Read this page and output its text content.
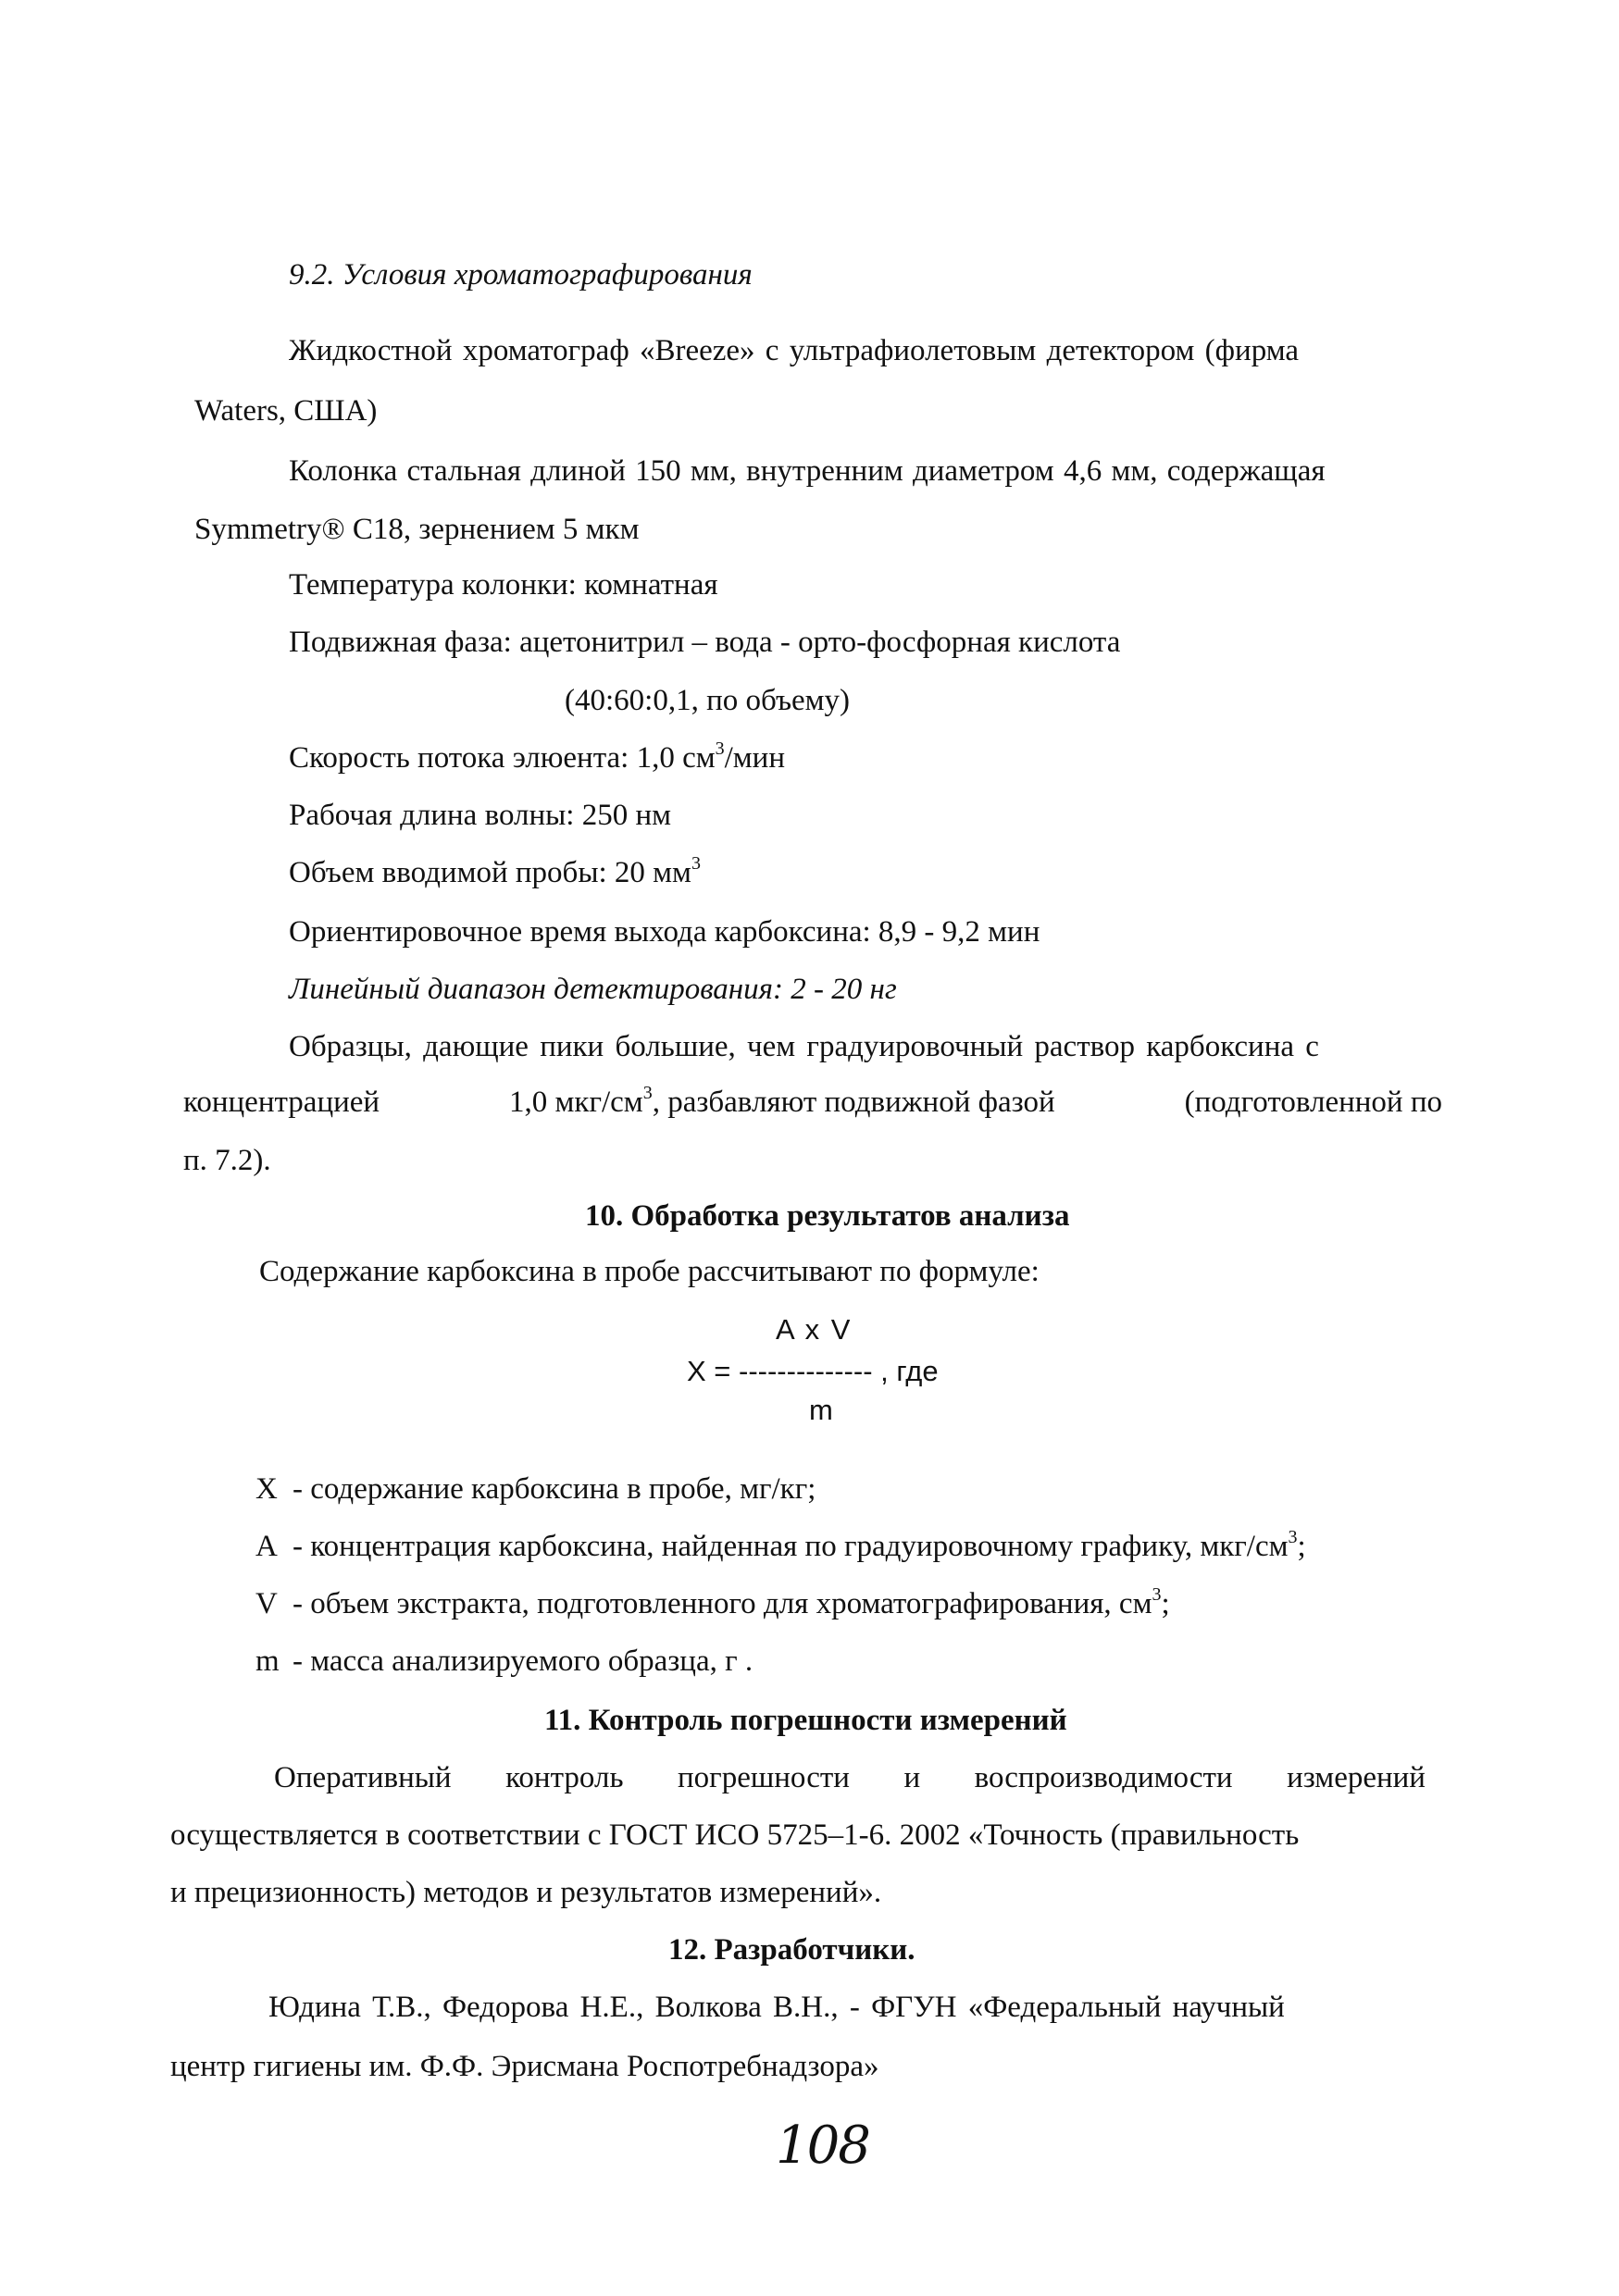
9.2. Условия хроматографирования
Жидкостной хроматограф «Breeze» с ультрафиолетовым детектором (фирма
Waters, США)
Колонка стальная длиной 150 мм, внутренним диаметром 4,6 мм, содержащая
Symmetry® C18, зернением 5 мкм
Температура колонки: комнатная
Подвижная фаза: ацетонитрил – вода - орто-фосфорная кислота
(40:60:0,1, по объему)
Скорость потока элюента: 1,0 $см^3$/мин
Рабочая длина волны: 250 нм
Объем вводимой пробы: 20 $мм^3$
Ориентировочное время выхода карбоксина: 8,9 - 9,2 мин
Линейный диапазон детектирования: 2 - 20 нг
Образцы, дающие пики большие, чем градуировочный раствор карбоксина с
концентрацией	1,0 мкг/$см^3$, разбавляют подвижной фазой	(подготовленной по
п. 7.2).
10. Обработка результатов анализа
Содержание карбоксина в пробе рассчитывают по формуле:
A x V
X = -------------- , где
m
X - содержание карбоксина в пробе, мг/кг;
A - концентрация карбоксина, найденная по градуировочному графику, мкг/$см^3$;
V - объем экстракта, подготовленного для хроматографирования, $см^3$;
m - масса анализируемого образца, г .
11. Контроль погрешности измерений
Оперативный контроль погрешности и воспроизводимости измерений
осуществляется в соответствии с ГОСТ ИСО 5725–1-6. 2002 «Точность (правильность
и прецизионность) методов и результатов измерений».
12. Разработчики.
Юдина Т.В., Федорова Н.Е., Волкова В.Н., - ФГУН «Федеральный научный
центр гигиены им. Ф.Ф. Эрисмана Роспотребнадзора»
108
